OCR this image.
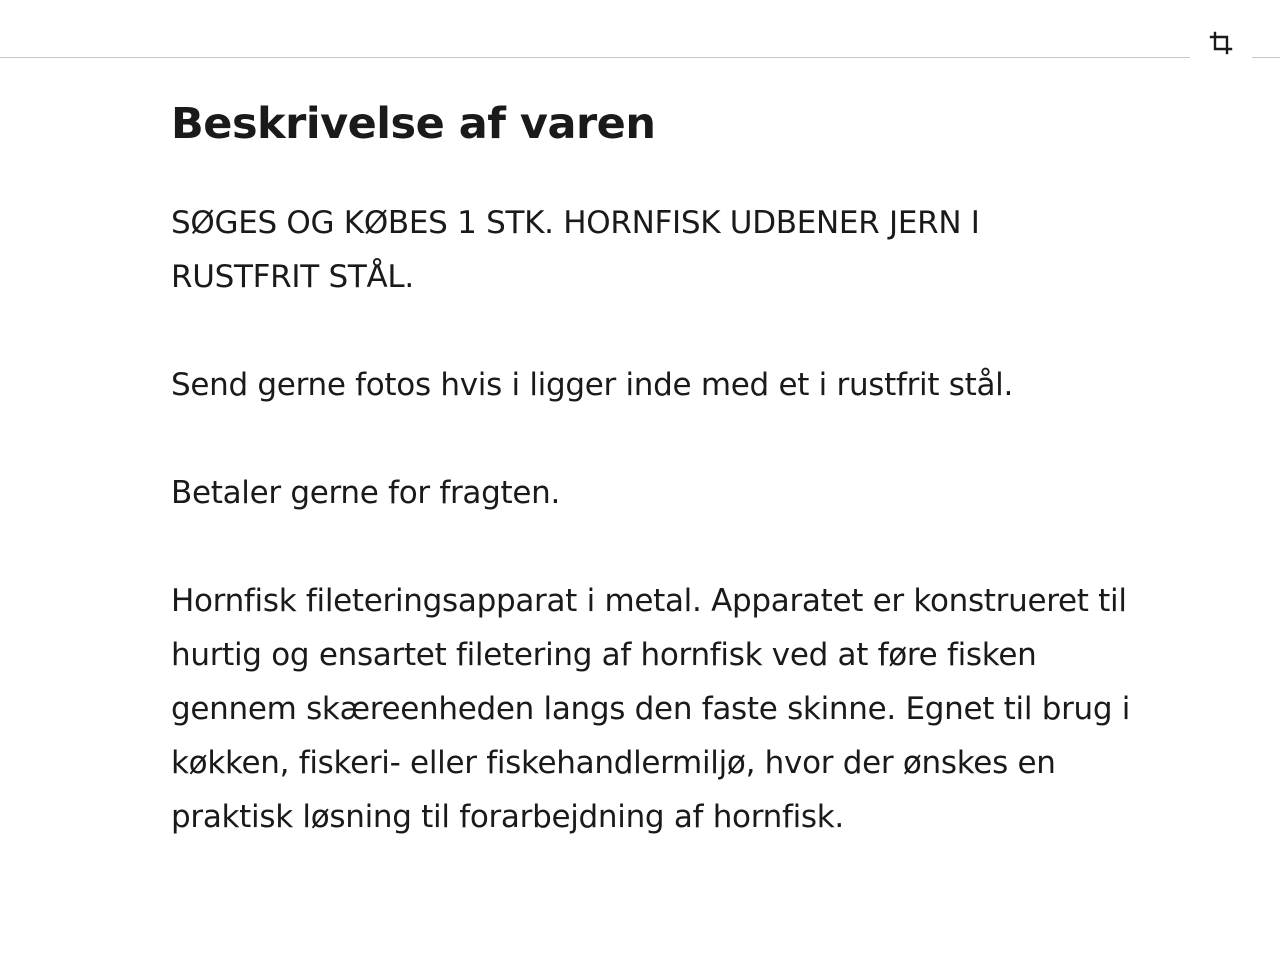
Beskrivelse af varen

SØGES OG KØBES 1 STK. HORNFISK UDBENER JERN I RUSTFRIT STÅL.

Send gerne fotos hvis i ligger inde med et i rustfrit stål.

Betaler gerne for fragten.

Hornfisk fileteringsapparat i metal. Apparatet er konstrueret til hurtig og ensartet filetering af hornfisk ved at føre fisken gennem skæreenheden langs den faste skinne. Egnet til brug i køkken, fiskeri- eller fiskehandlermiljø, hvor der ønskes en praktisk løsning til forarbejdning af hornfisk.
